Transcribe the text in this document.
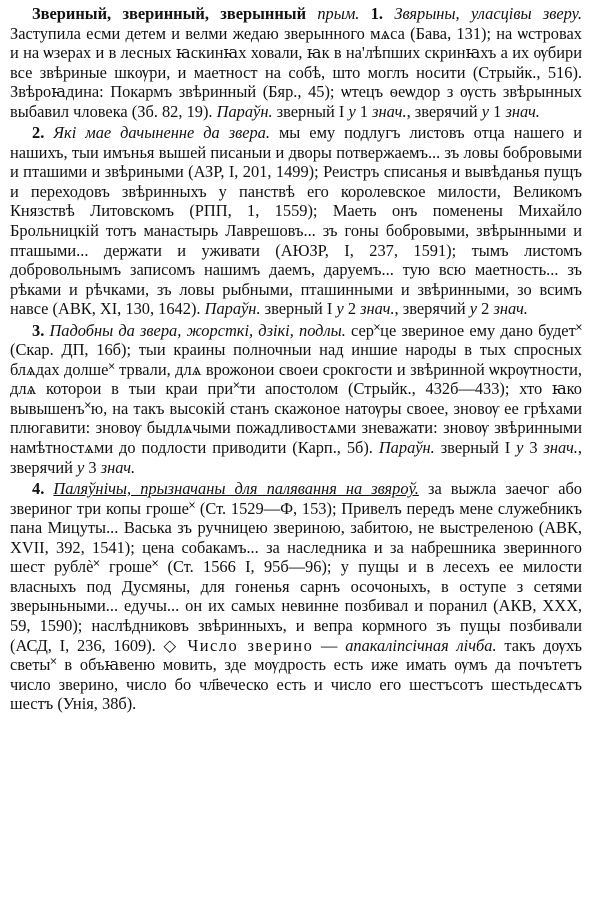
Звериный, зверинный, зверынный прым. 1. Звярыны, уласцівы зверу. Заступила есми детем и велми жедаю зверынного мѧса (Бава, 131); на ѡстровах и на ѡзерах и в лесных ꙗскинꙗх ховали, ꙗк в на'лѣпших скринꙗхъ а их ѹбири все звѣриные шкѹри, и маетност на собѣ, што моглъ носити (Стрыйк., 516). Звѣроꙗдина: Покармъ звѣринный (Бяр., 45); ѡтецъ ѳеѡдор з ѹсть звѣрынных выбавил чловека (Зб. 82, 19). Параўн. зверный I у 1 знач., зверячий у 1 знач.

2. Які мае дачыненне да звера. мы ему подлугъ листовъ отца нашего и нашихъ, тыи имънья вышей писаныи и дворы потвержаемъ... зъ ловы бобровыми и пташими и звѣриными (АЗР, I, 201, 1499); Реистръ списанья и вывѣданья пущъ и переходовъ звѣринныхъ у панствѣ его королевское милости, Великомъ Князствѣ Литовскомъ (РПП, 1, 1559); Маеть онъ поменены Михайло Брольницкій тотъ манастырь Лаврешовъ... зъ гоны бобровыми, звѣрынными и пташыми... держати и уживати (АЮЗР, I, 237, 1591); тымъ листомъ добровольнымъ записомъ нашимъ даемъ, даруемъ... тую всю маетность... зъ рѣками и рѣчками, зъ ловы рыбными, пташинными и звѣринными, зо всимъ навсе (АВК, XI, 130, 1642). Параўн. зверный I у 2 знач., зверячий у 2 знач.

3. Падобны да звера, жорсткі, дзікі, подлы. сер˟це звериное ему дано будет˟ (Скар. ДП, 16б); тыи краины полночныи над иншие народы в тых спросных блѧдах долше˟ трвали, длѧ врожонои своеи срокгости и звѣринной ѡкрѹтности, длѧ которои в тыи краи при˟ти апостолом (Стрыйк., 432б—433); хто ꙗко вывышенъ˟ю, на такъ высокій станъ скажоное натѹры своее, зновѹ ее грѣхами плюгавити: зновѹ быдлѧчыми пожадливостѧми зневажати: зновѹ звѣринными намѣтностѧми до подлости приводити (Карп., 5б). Параўн. зверный I у 3 знач., зверячий у 3 знач.

4. Паляўнічы, прызначаны для палявання на звяроў. за выжла заечог або звериног три копы гроше˟ (Ст. 1529—Ф, 153); Привелъ передъ мене служебникъ пана Мицуты... Васька зъ ручницею звериною, забитою, не выстреленою (АВК, XVII, 392, 1541); цена собакамъ... за наследника и за набрешника зверинного шест рублѐ˟ гроше˟ (Ст. 1566 I, 95б—96); у пущы и в лесехъ ее милости власныхъ под Дусмяны, для гоненья сарнъ осочоныхъ, в оступе з сетями зверыньными... едучы... он их самых невинне позбивал и поранил (АКВ, XXX, 59, 1590); наслѣдниковъ звѣринныхъ, и вепра кормного зъ пущы позбивали (АСД, I, 236, 1609). ◇ Число зверино — апакаліпсічная лічба. такъ дѹхъ светы˟ в объꙗвеню мовить, зде мѹдрость есть иже имать ѹмъ да почътетъ число зверино, число бо чл҃веческо есть и число его шестъсотъ шестьдесѧтъ шестъ (Унія, 38б).
